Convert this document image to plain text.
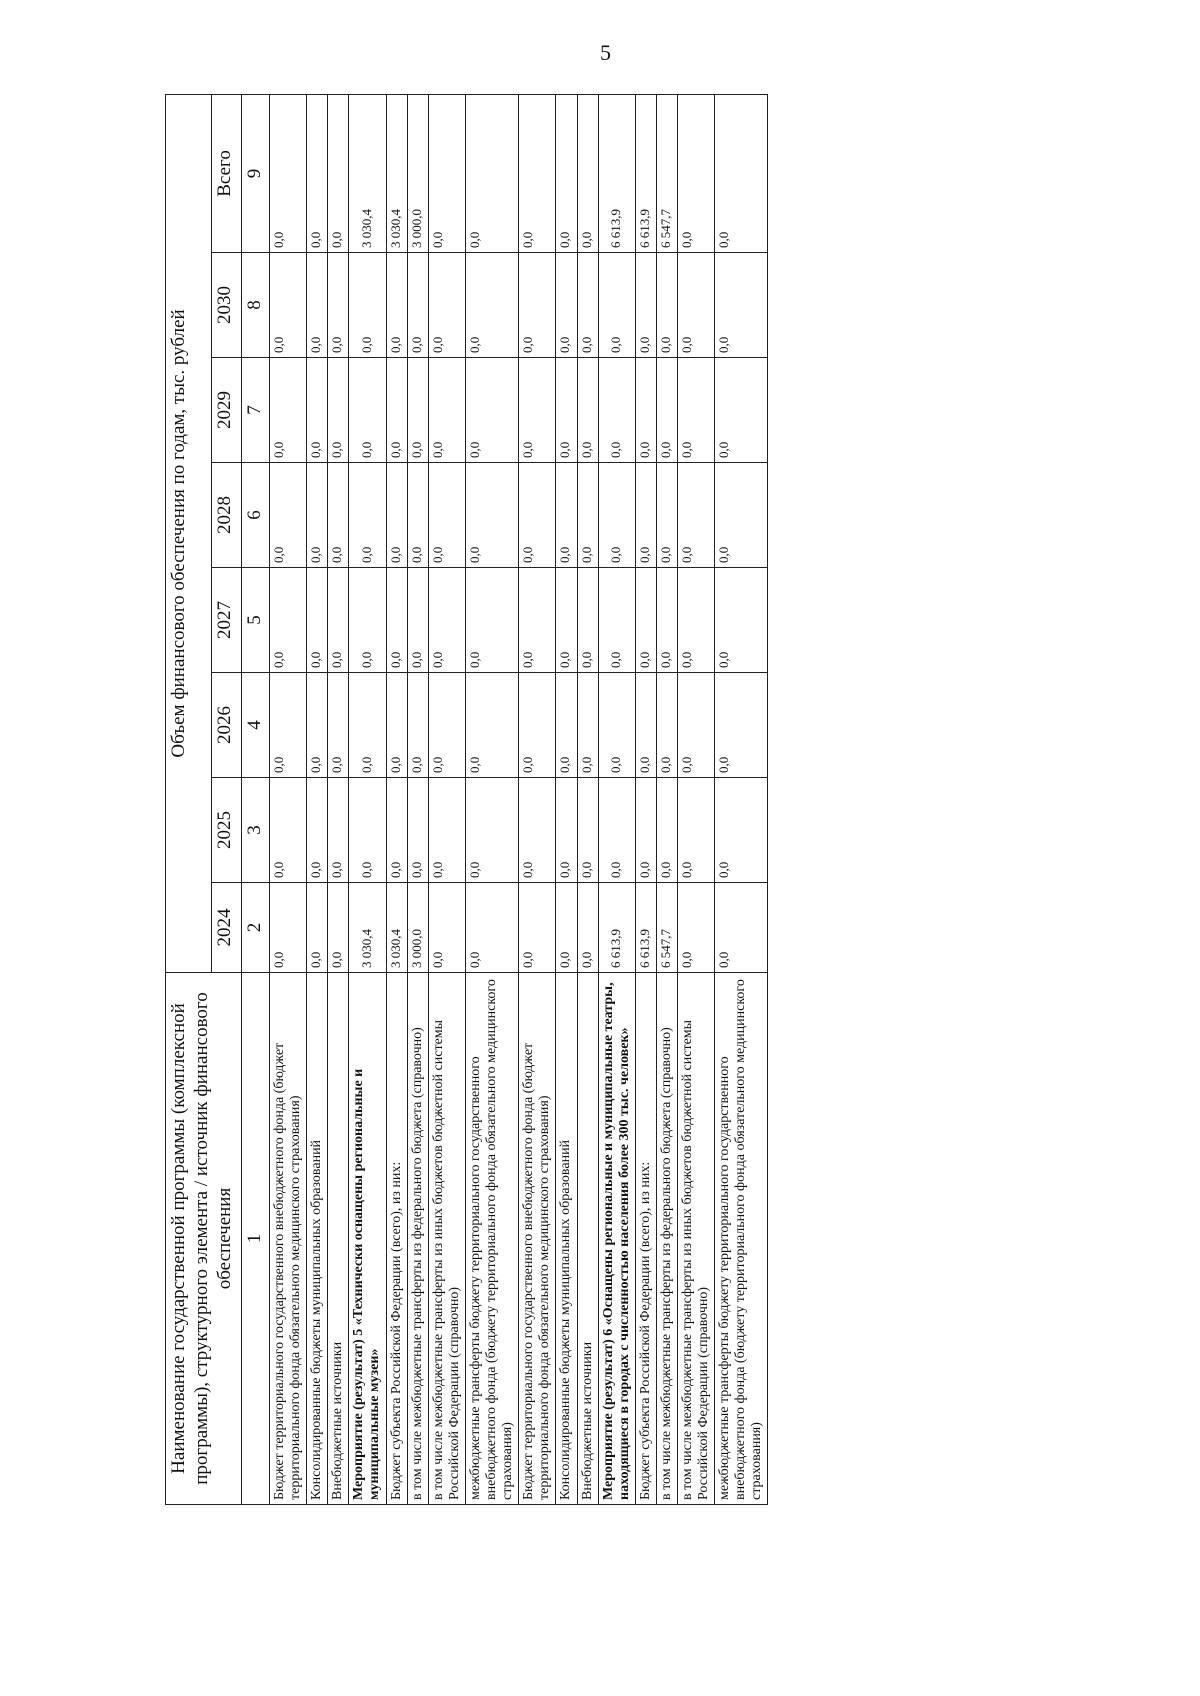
5
Наименование государственной программы (комплексной программы), структурного элемента / источник финансового обеспечения	Объем финансового обеспечения по годам, тыс. рублей							
	2024	2025	2026	2027	2028	2029	2030	Всего
1	2	3	4	5	6	7	8	9
Бюджет территориального государственного внебюджетного фонда (бюджет территориального фонда обязательного медицинского страхования)	0,0	0,0	0,0	0,0	0,0	0,0	0,0	0,0
Консолидированные бюджеты муниципальных образований	0,0	0,0	0,0	0,0	0,0	0,0	0,0	0,0
Внебюджетные источники	0,0	0,0	0,0	0,0	0,0	0,0	0,0	0,0
Мероприятие (результат) 5 «Технически оснащены региональные и муниципальные музеи»	3 030,4	0,0	0,0	0,0	0,0	0,0	0,0	3 030,4
Бюджет субъекта Российской Федерации (всего), из них:	3 030,4	0,0	0,0	0,0	0,0	0,0	0,0	3 030,4
в том числе межбюджетные трансферты из федерального бюджета (справочно)	3 000,0	0,0	0,0	0,0	0,0	0,0	0,0	3 000,0
в том числе межбюджетные трансферты из иных бюджетов бюджетной системы Российской Федерации (справочно)	0,0	0,0	0,0	0,0	0,0	0,0	0,0	0,0
межбюджетные трансферты бюджету территориального государственного внебюджетного фонда (бюджету территориального фонда обязательного медицинского страхования)	0,0	0,0	0,0	0,0	0,0	0,0	0,0	0,0
Бюджет территориального государственного внебюджетного фонда (бюджет территориального фонда обязательного медицинского страхования)	0,0	0,0	0,0	0,0	0,0	0,0	0,0	0,0
Консолидированные бюджеты муниципальных образований	0,0	0,0	0,0	0,0	0,0	0,0	0,0	0,0
Внебюджетные источники	0,0	0,0	0,0	0,0	0,0	0,0	0,0	0,0
Мероприятие (результат) 6 «Оснащены региональные и муниципальные театры, находящиеся в городах с численностью населения более 300 тыс. человек»	6 613,9	0,0	0,0	0,0	0,0	0,0	0,0	6 613,9
Бюджет субъекта Российской Федерации (всего), из них:	6 613,9	0,0	0,0	0,0	0,0	0,0	0,0	6 613,9
в том числе межбюджетные трансферты из федерального бюджета (справочно)	6 547,7	0,0	0,0	0,0	0,0	0,0	0,0	6 547,7
в том числе межбюджетные трансферты из иных бюджетов бюджетной системы Российской Федерации (справочно)	0,0	0,0	0,0	0,0	0,0	0,0	0,0	0,0
межбюджетные трансферты бюджету территориального государственного внебюджетного фонда (бюджету территориального фонда обязательного медицинского страхования)	0,0	0,0	0,0	0,0	0,0	0,0	0,0	0,0
